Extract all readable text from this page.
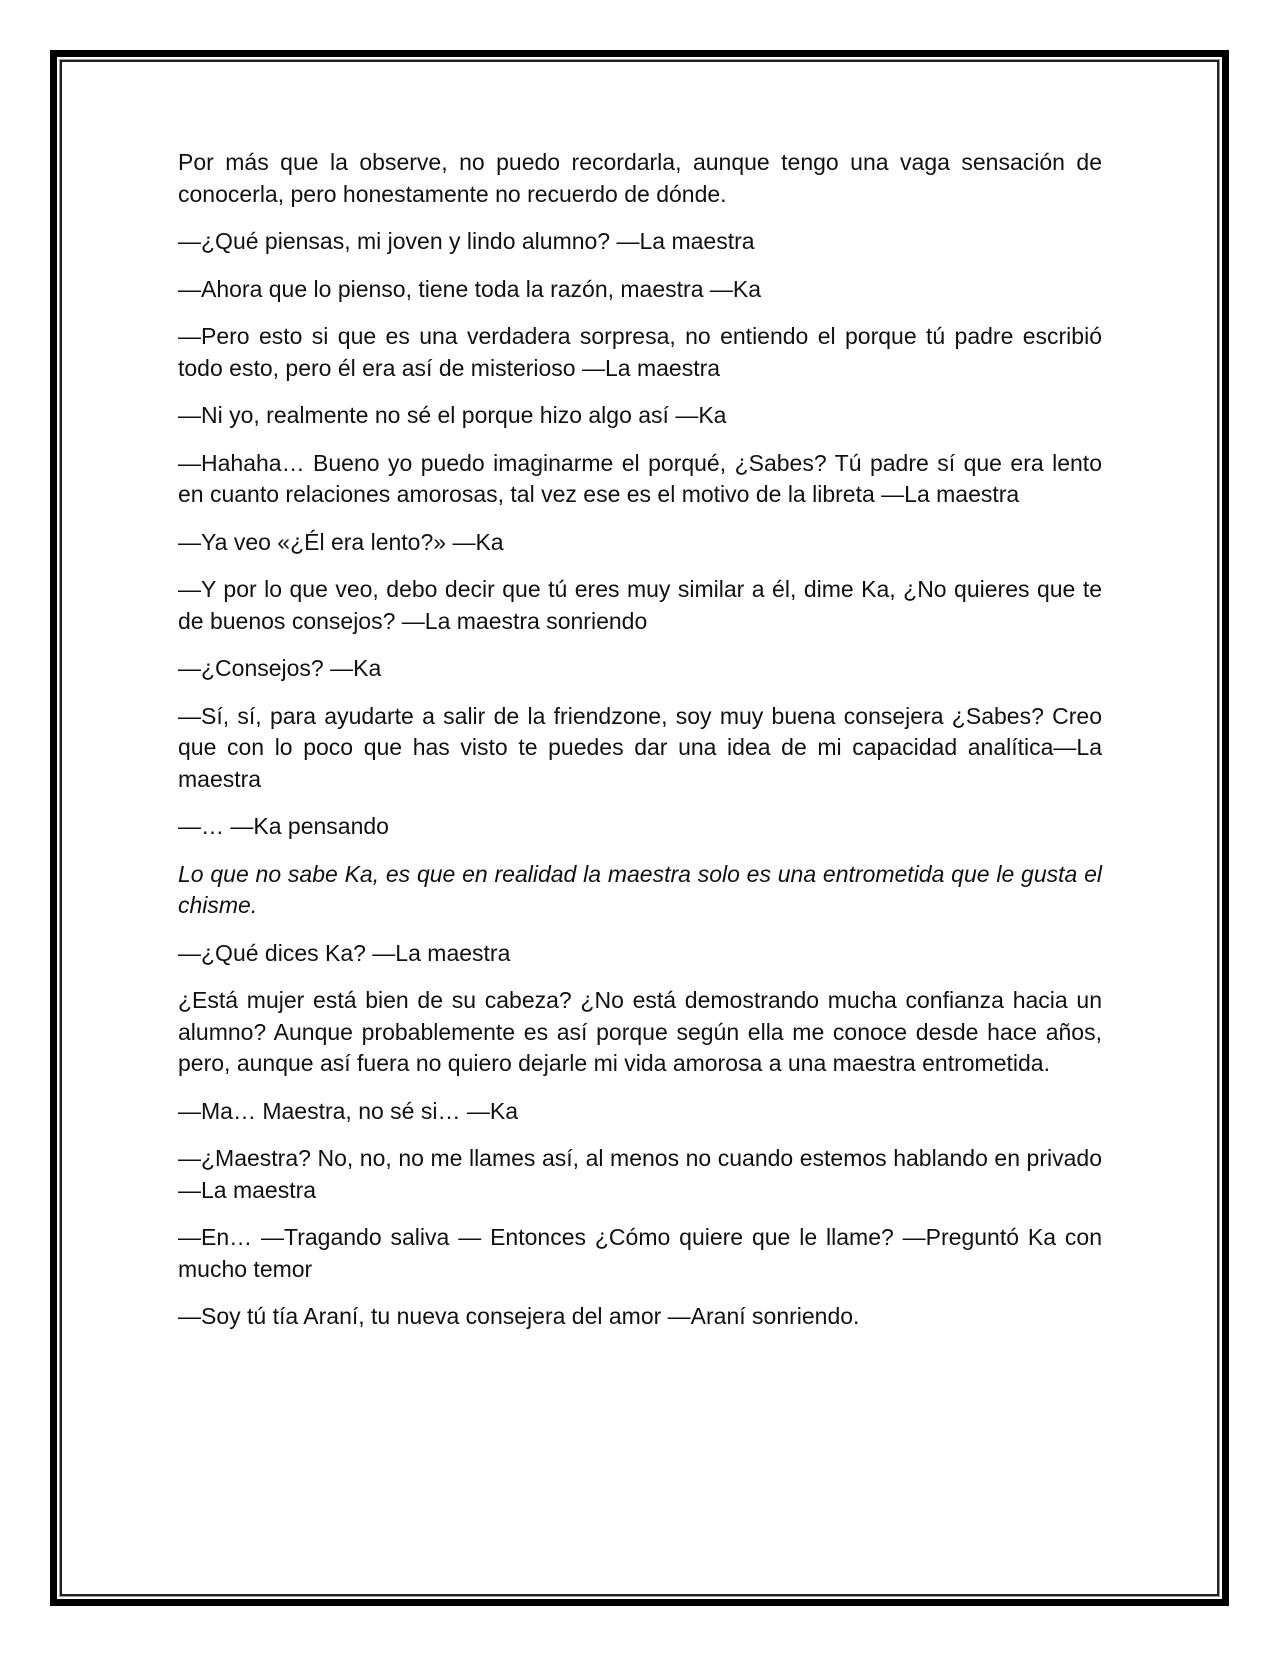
Por más que la observe, no puedo recordarla, aunque tengo una vaga sensación de conocerla, pero honestamente no recuerdo de dónde.

—¿Qué piensas, mi joven y lindo alumno? —La maestra

—Ahora que lo pienso, tiene toda la razón, maestra —Ka

—Pero esto si que es una verdadera sorpresa, no entiendo el porque tú padre escribió todo esto, pero él era así de misterioso —La maestra

—Ni yo, realmente no sé el porque hizo algo así —Ka

—Hahaha… Bueno yo puedo imaginarme el porqué, ¿Sabes? Tú padre sí que era lento en cuanto relaciones amorosas, tal vez ese es el motivo de la libreta —La maestra

—Ya veo «¿Él era lento?» —Ka

—Y por lo que veo, debo decir que tú eres muy similar a él, dime Ka, ¿No quieres que te de buenos consejos? —La maestra sonriendo

—¿Consejos? —Ka

—Sí, sí, para ayudarte a salir de la friendzone, soy muy buena consejera ¿Sabes? Creo que con lo poco que has visto te puedes dar una idea de mi capacidad analítica—La maestra

—… —Ka pensando

Lo que no sabe Ka, es que en realidad la maestra solo es una entrometida que le gusta el chisme.

—¿Qué dices Ka? —La maestra

¿Está mujer está bien de su cabeza? ¿No está demostrando mucha confianza hacia un alumno? Aunque probablemente es así porque según ella me conoce desde hace años, pero, aunque así fuera no quiero dejarle mi vida amorosa a una maestra entrometida.

—Ma… Maestra, no sé si… —Ka

—¿Maestra? No, no, no me llames así, al menos no cuando estemos hablando en privado —La maestra

—En… —Tragando saliva — Entonces ¿Cómo quiere que le llame? —Preguntó Ka con mucho temor

—Soy tú tía Araní, tu nueva consejera del amor —Araní sonriendo.
